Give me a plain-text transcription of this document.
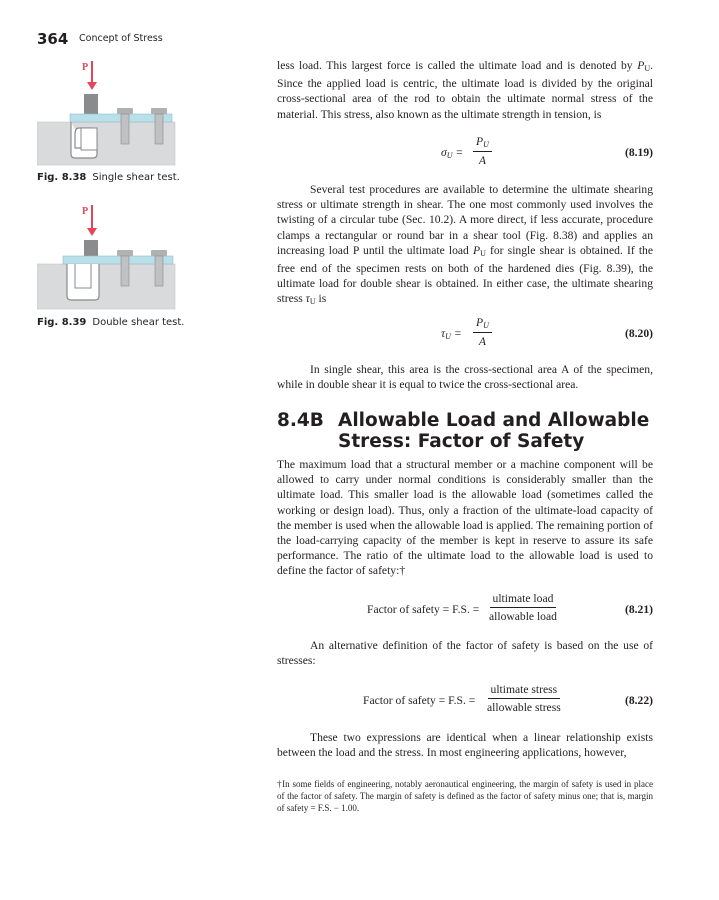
364 Concept of Stress
P
Fig. 8.38 Single shear test.
P
Fig. 8.39 Double shear test.
less load. This largest force is called the ultimate load and is denoted by $P_U$. Since the applied load is centric, the ultimate load is divided by the original cross-sectional area of the rod to obtain the ultimate normal stress of the material. This stress, also known as the ultimate strength in tension, is
$\sigma_U = \frac{P_U}{A}$	(8.19)
Several test procedures are available to determine the ultimate shearing stress or ultimate strength in shear. The one most commonly used involves the twisting of a circular tube (Sec. 10.2). A more direct, if less accurate, procedure clamps a rectangular or round bar in a shear tool (Fig. 8.38) and applies an increasing load P until the ultimate load $P_U$ for single shear is obtained. If the free end of the specimen rests on both of the hardened dies (Fig. 8.39), the ultimate load for double shear is obtained. In either case, the ultimate shearing stress $\tau_U$ is
$\tau_U = \frac{P_U}{A}$	(8.20)
In single shear, this area is the cross-sectional area A of the specimen, while in double shear it is equal to twice the cross-sectional area.
8.4B Allowable Load and Allowable
Stress: Factor of Safety
The maximum load that a structural member or a machine component will be allowed to carry under normal conditions is considerably smaller than the ultimate load. This smaller load is the allowable load (sometimes called the working or design load). Thus, only a fraction of the ultimate-load capacity of the member is used when the allowable load is applied. The remaining portion of the load-carrying capacity of the member is kept in reserve to assure its safe performance. The ratio of the ultimate load to the allowable load is used to define the factor of safety:†
Factor of safety = F.S. =
ultimate load
allowable load
(8.21)
An alternative definition of the factor of safety is based on the use of stresses:
Factor of safety = F.S. =
ultimate stress
allowable stress
(8.22)
These two expressions are identical when a linear relationship exists between the load and the stress. In most engineering applications, however,
†In some fields of engineering, notably aeronautical engineering, the margin of safety is used in place of the factor of safety. The margin of safety is defined as the factor of safety minus one; that is, margin of safety = F.S. − 1.00.
